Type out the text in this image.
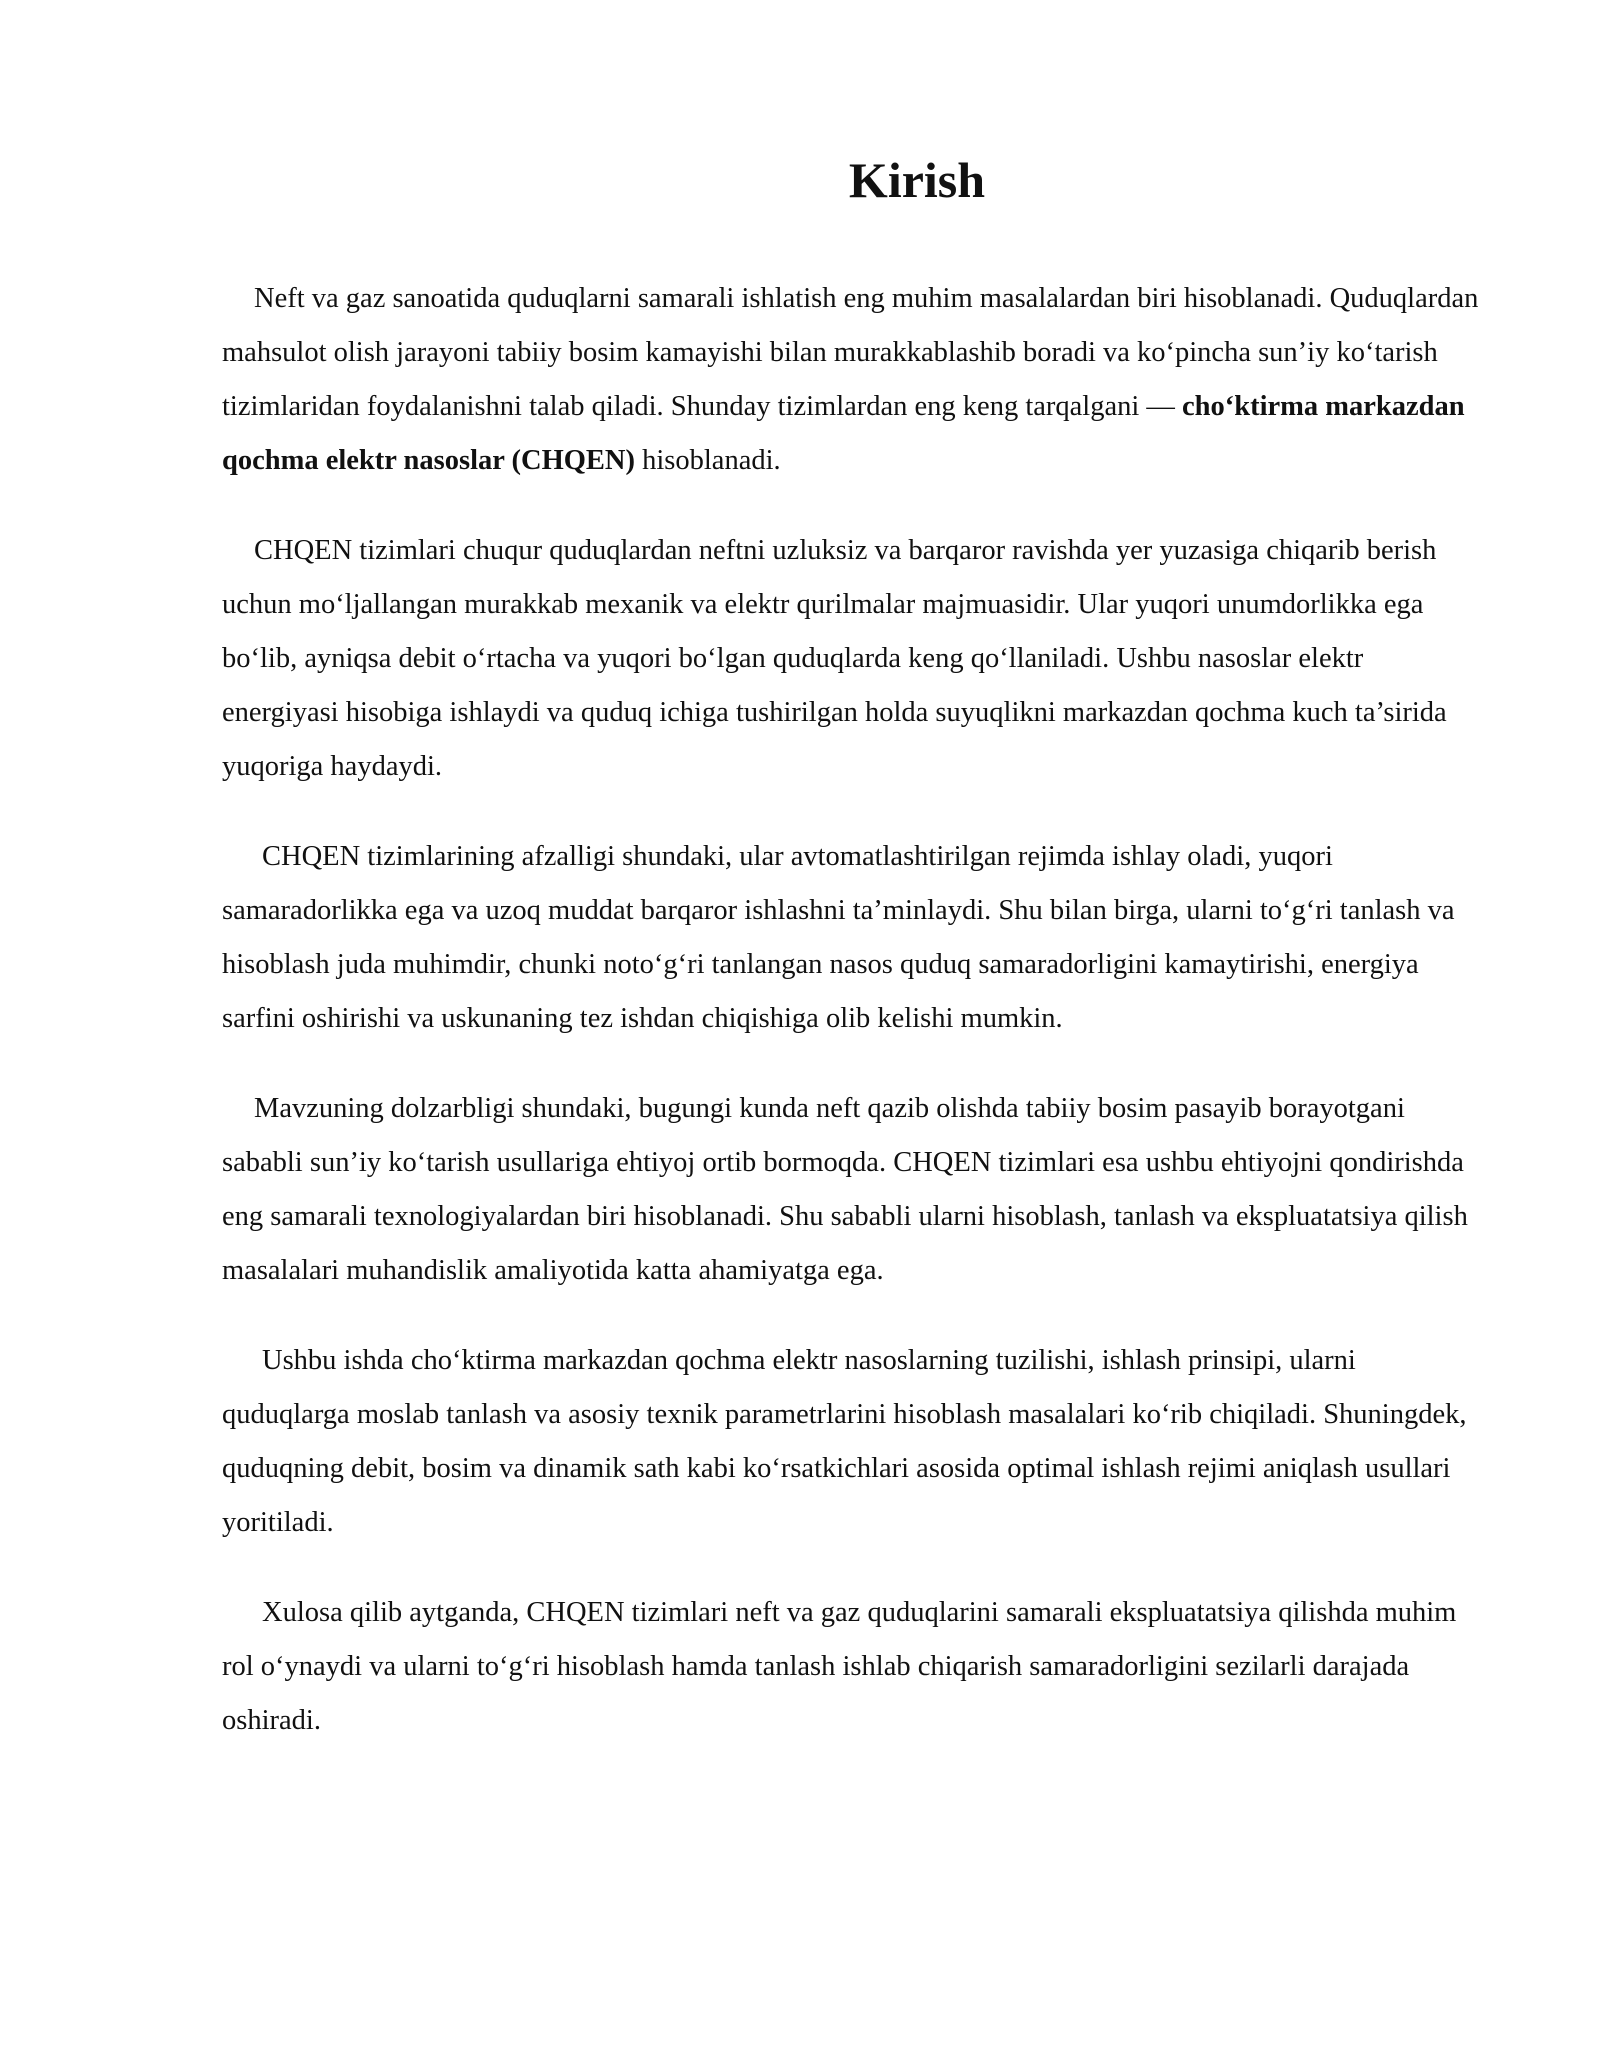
Kirish

Neft va gaz sanoatida quduqlarni samarali ishlatish eng muhim masalalardan biri hisoblanadi. Quduqlardan mahsulot olish jarayoni tabiiy bosim kamayishi bilan murakkablashib boradi va ko‘pincha sun’iy ko‘tarish tizimlaridan foydalanishni talab qiladi. Shunday tizimlardan eng keng tarqalgani — cho‘ktirma markazdan qochma elektr nasoslar (CHQEN) hisoblanadi.

CHQEN tizimlari chuqur quduqlardan neftni uzluksiz va barqaror ravishda yer yuzasiga chiqarib berish uchun mo‘ljallangan murakkab mexanik va elektr qurilmalar majmuasidir. Ular yuqori unumdorlikka ega bo‘lib, ayniqsa debit o‘rtacha va yuqori bo‘lgan quduqlarda keng qo‘llaniladi. Ushbu nasoslar elektr energiyasi hisobiga ishlaydi va quduq ichiga tushirilgan holda suyuqlikni markazdan qochma kuch ta’sirida yuqoriga haydaydi.

CHQEN tizimlarining afzalligi shundaki, ular avtomatlashtirilgan rejimda ishlay oladi, yuqori samaradorlikka ega va uzoq muddat barqaror ishlashni ta’minlaydi. Shu bilan birga, ularni to‘g‘ri tanlash va hisoblash juda muhimdir, chunki noto‘g‘ri tanlangan nasos quduq samaradorligini kamaytirishi, energiya sarfini oshirishi va uskunaning tez ishdan chiqishiga olib kelishi mumkin.

Mavzuning dolzarbligi shundaki, bugungi kunda neft qazib olishda tabiiy bosim pasayib borayotgani sababli sun’iy ko‘tarish usullariga ehtiyoj ortib bormoqda. CHQEN tizimlari esa ushbu ehtiyojni qondirishda eng samarali texnologiyalardan biri hisoblanadi. Shu sababli ularni hisoblash, tanlash va ekspluatatsiya qilish masalalari muhandislik amaliyotida katta ahamiyatga ega.

Ushbu ishda cho‘ktirma markazdan qochma elektr nasoslarning tuzilishi, ishlash prinsipi, ularni quduqlarga moslab tanlash va asosiy texnik parametrlarini hisoblash masalalari ko‘rib chiqiladi. Shuningdek, quduqning debit, bosim va dinamik sath kabi ko‘rsatkichlari asosida optimal ishlash rejimi aniqlash usullari yoritiladi.

Xulosa qilib aytganda, CHQEN tizimlari neft va gaz quduqlarini samarali ekspluatatsiya qilishda muhim rol o‘ynaydi va ularni to‘g‘ri hisoblash hamda tanlash ishlab chiqarish samaradorligini sezilarli darajada oshiradi.
